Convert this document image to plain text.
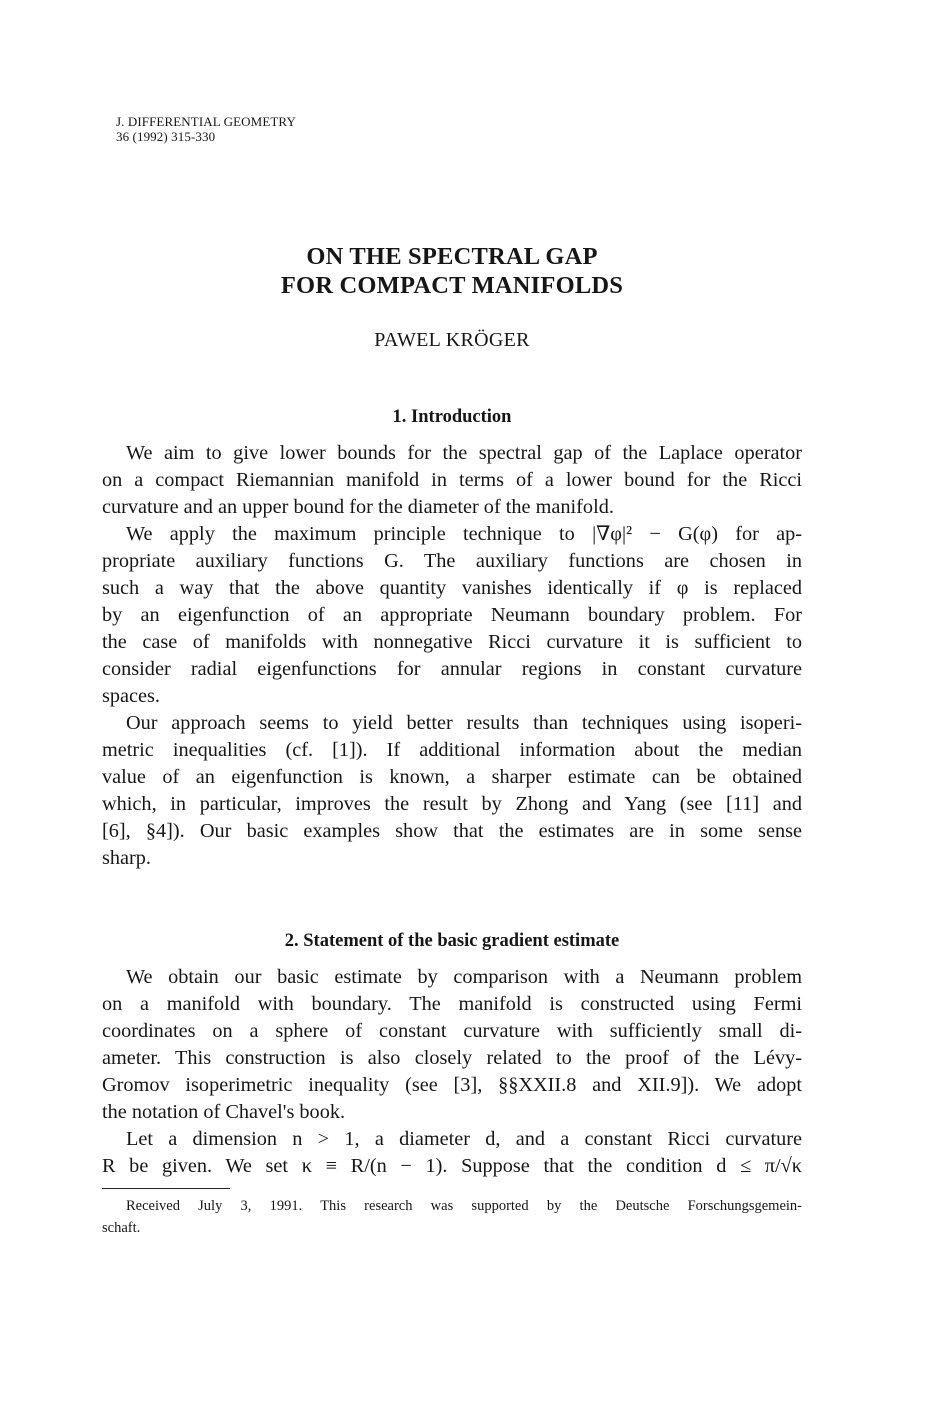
J. DIFFERENTIAL GEOMETRY
36 (1992) 315-330
ON THE SPECTRAL GAP
FOR COMPACT MANIFOLDS
PAWEL KRÖGER
1. Introduction
We aim to give lower bounds for the spectral gap of the Laplace operator
on a compact Riemannian manifold in terms of a lower bound for the Ricci
curvature and an upper bound for the diameter of the manifold.
We apply the maximum principle technique to |∇φ|² − G(φ) for ap-
propriate auxiliary functions G. The auxiliary functions are chosen in
such a way that the above quantity vanishes identically if φ is replaced
by an eigenfunction of an appropriate Neumann boundary problem. For
the case of manifolds with nonnegative Ricci curvature it is sufficient to
consider radial eigenfunctions for annular regions in constant curvature
spaces.
Our approach seems to yield better results than techniques using isoperi-
metric inequalities (cf. [1]). If additional information about the median
value of an eigenfunction is known, a sharper estimate can be obtained
which, in particular, improves the result by Zhong and Yang (see [11] and
[6], §4]). Our basic examples show that the estimates are in some sense
sharp.
2. Statement of the basic gradient estimate
We obtain our basic estimate by comparison with a Neumann problem
on a manifold with boundary. The manifold is constructed using Fermi
coordinates on a sphere of constant curvature with sufficiently small di-
ameter. This construction is also closely related to the proof of the Lévy-
Gromov isoperimetric inequality (see [3], §§XXII.8 and XII.9]). We adopt
the notation of Chavel's book.
Let a dimension n > 1, a diameter d, and a constant Ricci curvature
R be given. We set κ ≡ R/(n − 1). Suppose that the condition d ≤ π/√κ
Received July 3, 1991. This research was supported by the Deutsche Forschungsgemein-
schaft.
